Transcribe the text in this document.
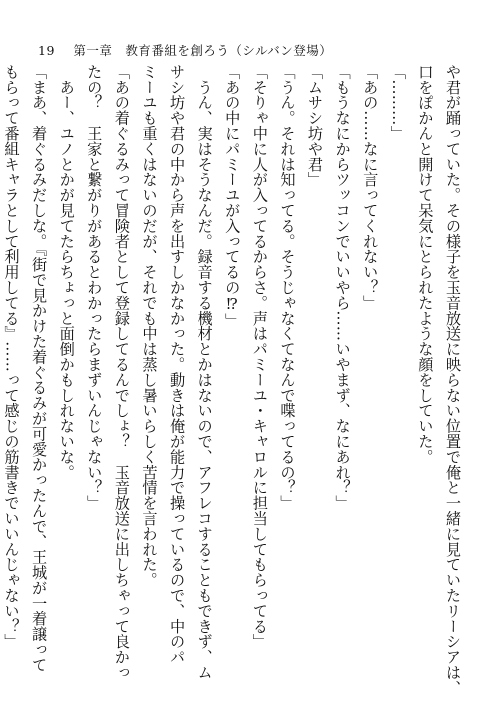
19 第一章　教育番組を創ろう（シルバン登場）

や君が踊っていた。その様子を玉音放送に映らない位置で俺と一緒に見ていたリーシアは、

口をぽかんと開けて呆気にとられたような顔をしていた。

「………」

「あの……なに言ってくれない？」

「もうなにからツッコンでいいやら……いやまず、なにあれ？」

「ムサシ坊や君」

「うん。それは知ってる。そうじゃなくてなんで喋ってるの？」

「そりゃ中に人が入ってるからさ。声はパミーユ・キャロルに担当してもらってる」

「あの中にパミーユが入ってるの⁉」

　うん、実はそうなんだ。録音する機材とかはないので、アフレコすることもできず、ム

サシ坊や君の中から声を出すしかなかった。動きは俺が能力で操っているので、中のパ

ミーユも重くはないのだが、それでも中は蒸し暑いらしく苦情を言われた。

「あの着ぐるみって冒険者として登録してるんでしょ？　玉音放送に出しちゃって良かっ

たの？　王家と繋がりがあるとわかったらまずいんじゃない？」

　あー、ユノとかが見てたらちょっと面倒かもしれないな。

「まあ、着ぐるみだしな。『街で見かけた着ぐるみが可愛かったんで、王城が一着譲って

もらって番組キャラとして利用してる』……って感じの筋書きでいいんじゃない？」
